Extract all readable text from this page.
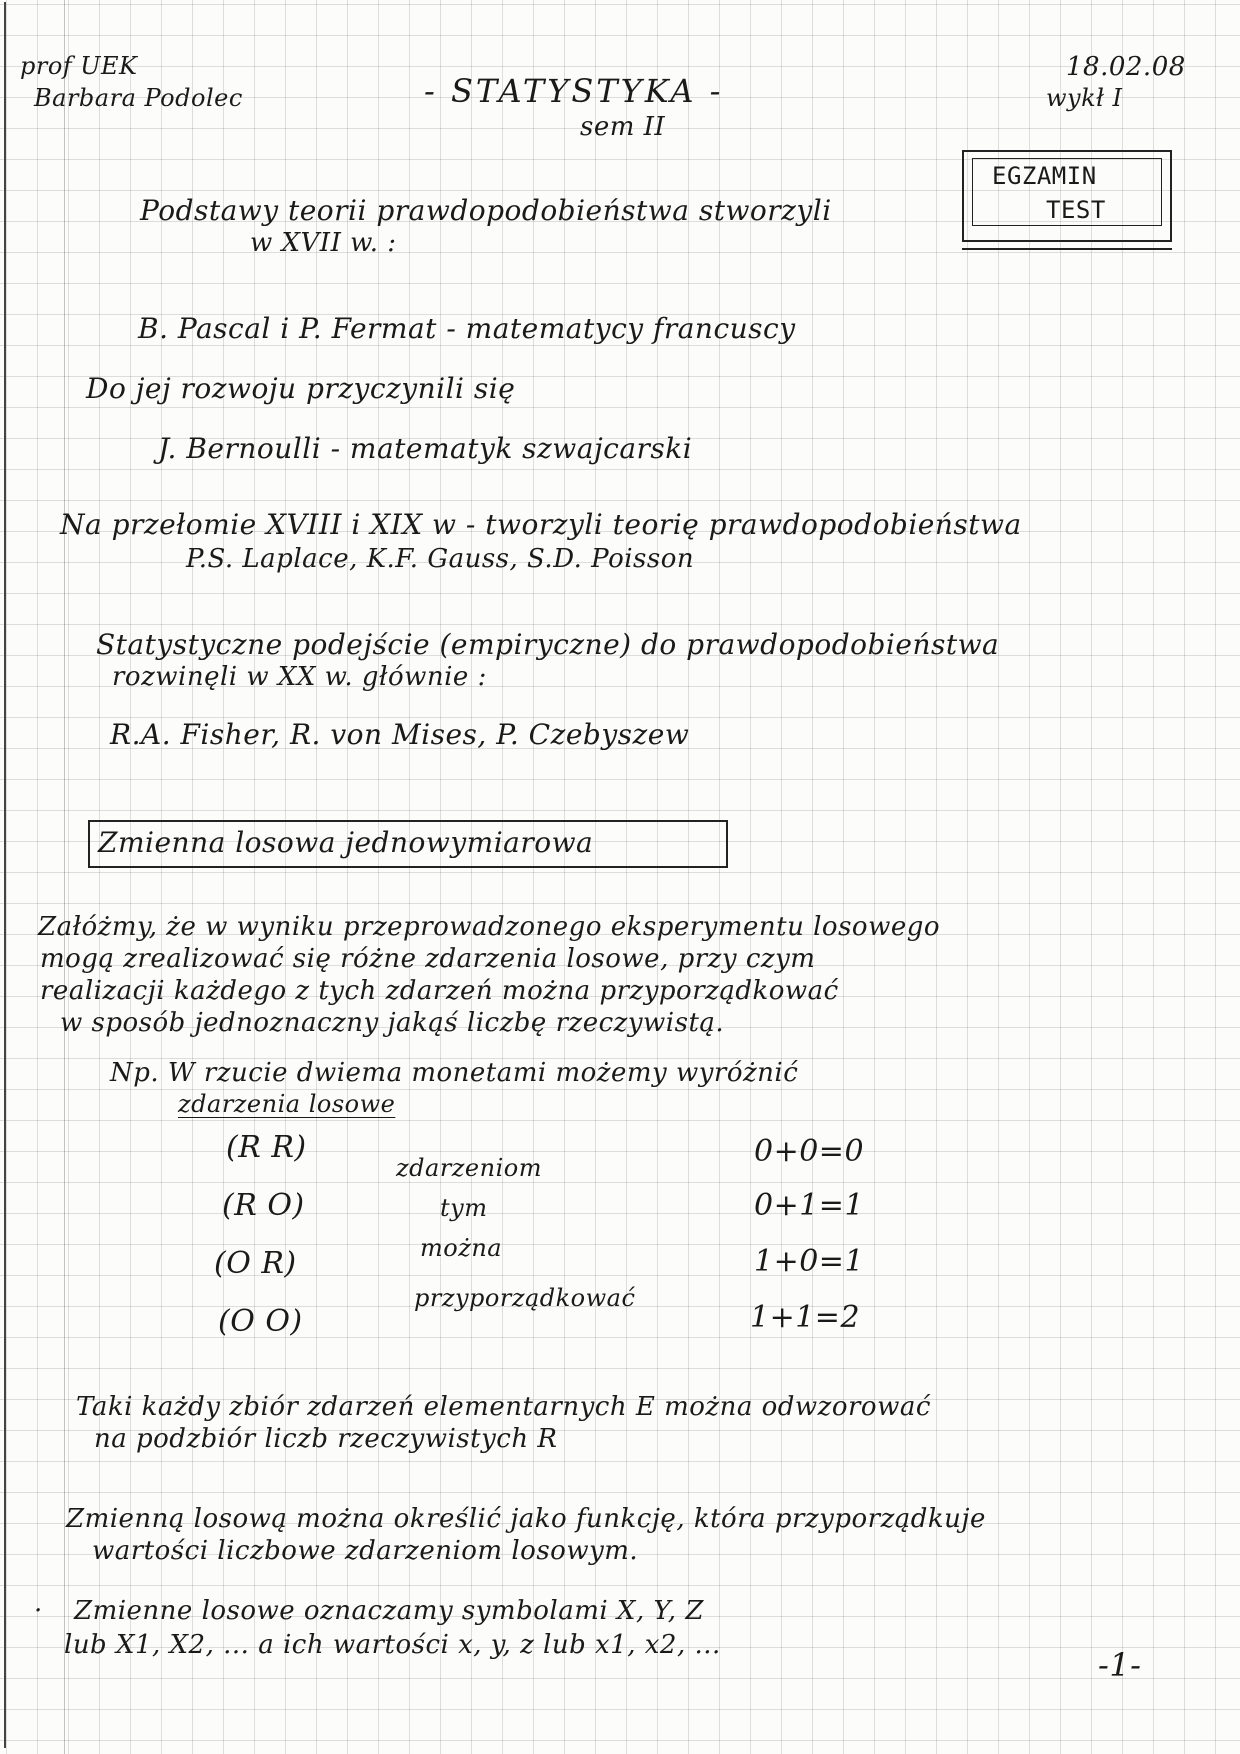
prof UEK
Barbara Podolec	- STATYSTYKA -
sem II
18.02.08
wykł I
EGZAMIN
TEST
Podstawy teorii prawdopodobieństwa stworzyli
w XVII w. :
B. Pascal i P. Fermat - matematycy francuscy
Do jej rozwoju przyczynili się
J. Bernoulli - matematyk szwajcarski
Na przełomie XVIII i XIX w - tworzyli teorię prawdopodobieństwa
P.S. Laplace, K.F. Gauss, S.D. Poisson
Statystyczne podejście (empiryczne) do prawdopodobieństwa
rozwinęli w XX w. głównie :
R.A. Fisher, R. von Mises, P. Czebyszew
Zmienna losowa jednowymiarowa
Załóżmy, że w wyniku przeprowadzonego eksperymentu losowego
mogą zrealizować się różne zdarzenia losowe, przy czym
realizacji każdego z tych zdarzeń można przyporządkować
w sposób jednoznaczny jakąś liczbę rzeczywistą.
Np. W rzucie dwiema monetami możemy wyróżnić
zdarzenia losowe
(R R)
(R O)
(O R)
(O O)
zdarzeniom
tym
można
przyporządkować
0+0=0
0+1=1
1+0=1
1+1=2
Taki każdy zbiór zdarzeń elementarnych E można odwzorować
na podzbiór liczb rzeczywistych R
Zmienną losową można określić jako funkcję, która przyporządkuje
wartości liczbowe zdarzeniom losowym.
· Zmienne losowe oznaczamy symbolami X, Y, Z
lub X1, X2, ... a ich wartości x, y, z lub x1, x2, ...
-1-
